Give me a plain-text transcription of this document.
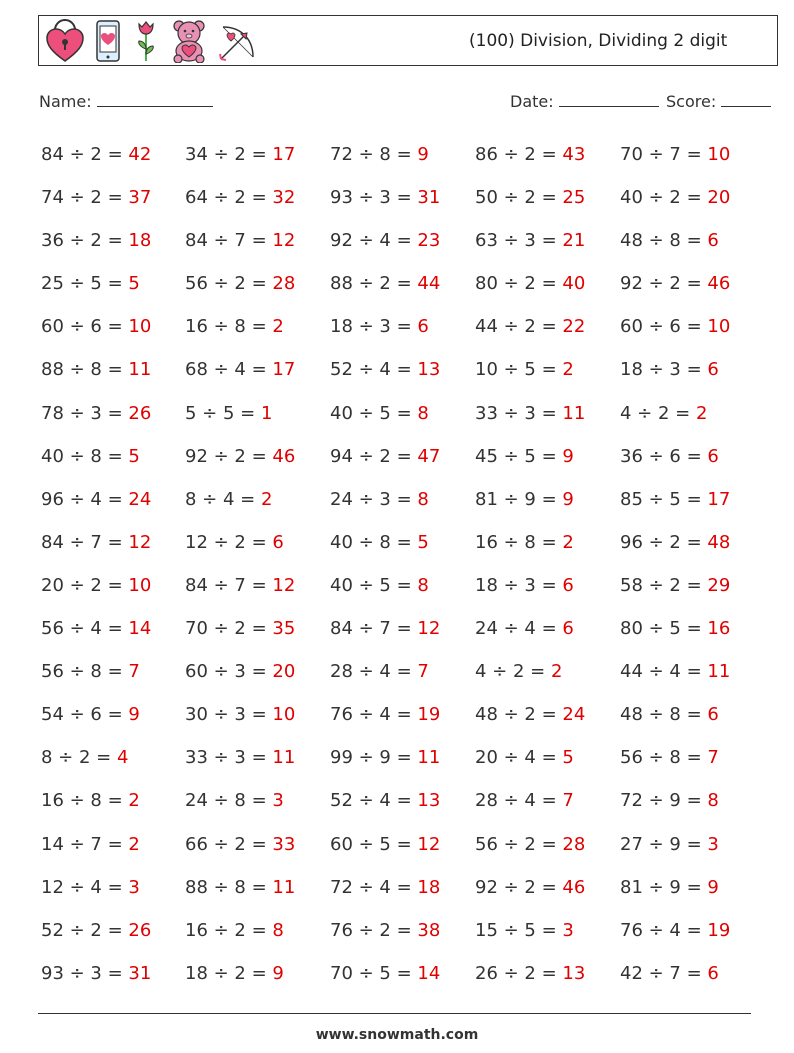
(100) Division, Dividing 2 digit
Name:	Date:	Score:
84 ÷ 2 = 42 34 ÷ 2 = 17 72 ÷ 8 = 9	86 ÷ 2 = 43 70 ÷ 7 = 10
74 ÷ 2 = 37 64 ÷ 2 = 32 93 ÷ 3 = 31 50 ÷ 2 = 25 40 ÷ 2 = 20
36 ÷ 2 = 18 84 ÷ 7 = 12 92 ÷ 4 = 23 63 ÷ 3 = 21 48 ÷ 8 = 6
25 ÷ 5 = 5	56 ÷ 2 = 28 88 ÷ 2 = 44 80 ÷ 2 = 40 92 ÷ 2 = 46
60 ÷ 6 = 10 16 ÷ 8 = 2	18 ÷ 3 = 6	44 ÷ 2 = 22 60 ÷ 6 = 10
88 ÷ 8 = 11 68 ÷ 4 = 17 52 ÷ 4 = 13 10 ÷ 5 = 2	18 ÷ 3 = 6
78 ÷ 3 = 26 5 ÷ 5 = 1	40 ÷ 5 = 8	33 ÷ 3 = 11 4 ÷ 2 = 2
40 ÷ 8 = 5	92 ÷ 2 = 46 94 ÷ 2 = 47 45 ÷ 5 = 9	36 ÷ 6 = 6
96 ÷ 4 = 24 8 ÷ 4 = 2	24 ÷ 3 = 8	81 ÷ 9 = 9	85 ÷ 5 = 17
84 ÷ 7 = 12 12 ÷ 2 = 6	40 ÷ 8 = 5	16 ÷ 8 = 2	96 ÷ 2 = 48
20 ÷ 2 = 10 84 ÷ 7 = 12 40 ÷ 5 = 8	18 ÷ 3 = 6	58 ÷ 2 = 29
56 ÷ 4 = 14 70 ÷ 2 = 35 84 ÷ 7 = 12 24 ÷ 4 = 6	80 ÷ 5 = 16
56 ÷ 8 = 7	60 ÷ 3 = 20 28 ÷ 4 = 7	4 ÷ 2 = 2	44 ÷ 4 = 11
54 ÷ 6 = 9	30 ÷ 3 = 10 76 ÷ 4 = 19 48 ÷ 2 = 24 48 ÷ 8 = 6
8 ÷ 2 = 4	33 ÷ 3 = 11 99 ÷ 9 = 11 20 ÷ 4 = 5	56 ÷ 8 = 7
16 ÷ 8 = 2	24 ÷ 8 = 3	52 ÷ 4 = 13 28 ÷ 4 = 7	72 ÷ 9 = 8
14 ÷ 7 = 2	66 ÷ 2 = 33 60 ÷ 5 = 12 56 ÷ 2 = 28 27 ÷ 9 = 3
12 ÷ 4 = 3	88 ÷ 8 = 11 72 ÷ 4 = 18 92 ÷ 2 = 46 81 ÷ 9 = 9
52 ÷ 2 = 26 16 ÷ 2 = 8	76 ÷ 2 = 38 15 ÷ 5 = 3	76 ÷ 4 = 19
93 ÷ 3 = 31 18 ÷ 2 = 9	70 ÷ 5 = 14 26 ÷ 2 = 13 42 ÷ 7 = 6
www.snowmath.com
